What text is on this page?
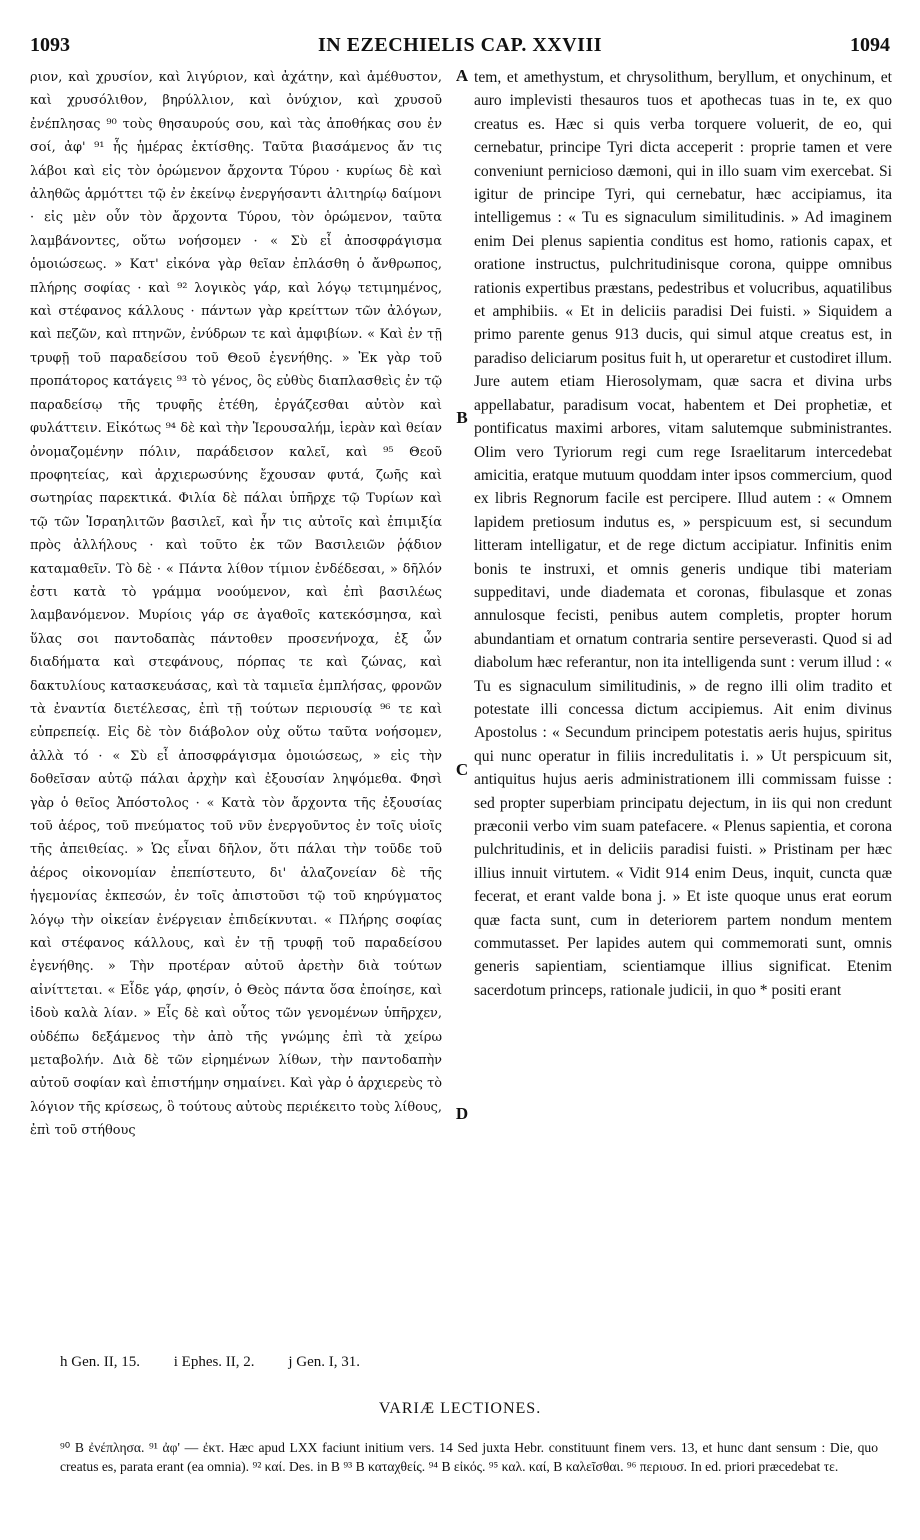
1093	IN EZECHIELIS CAP. XXVIII	1094

ριον, καὶ χρυσίον, καὶ λιγύριον, καὶ ἀχάτην, καὶ ἀμέθυστον, καὶ χρυσόλιθον, βηρύλλιον, καὶ ὀνύχιον, καὶ χρυσοῦ ἐνέπλησας ⁹⁰ τοὺς θησαυρούς σου, καὶ τὰς ἀποθήκας σου ἐν σοί, ἀφ' ⁹¹ ἧς ἡμέρας ἐκτίσθης. Ταῦτα βιασάμενος ἄν τις λάβοι καὶ εἰς τὸν ὁρώμενον ἄρχοντα Τύρου · κυρίως δὲ καὶ ἀληθῶς ἁρμόττει τῷ ἐν ἐκείνῳ ἐνεργήσαντι ἀλιτηρίῳ δαίμονι · εἰς μὲν οὖν τὸν ἄρχοντα Τύρου, τὸν ὁρώμενον, ταῦτα λαμβάνοντες, οὕτω νοήσομεν · « Σὺ εἶ ἀποσφράγισμα ὁμοιώσεως. » Κατ' εἰκόνα γὰρ θεῖαν ἐπλάσθη ὁ ἄνθρωπος, πλήρης σοφίας · καὶ ⁹² λογικὸς γάρ, καὶ λόγῳ τετιμημένος, καὶ στέφανος κάλλους · πάντων γὰρ κρείττων τῶν ἀλόγων, καὶ πεζῶν, καὶ πτηνῶν, ἐνύδρων τε καὶ ἀμφιβίων. « Καὶ ἐν τῇ τρυφῇ τοῦ παραδείσου τοῦ Θεοῦ ἐγενήθης. » Ἐκ γὰρ τοῦ προπάτορος κατάγεις ⁹³ τὸ γένος, ὃς εὐθὺς διαπλασθεὶς ἐν τῷ παραδείσῳ τῆς τρυφῆς ἐτέθη, ἐργάζεσθαι αὐτὸν καὶ φυλάττειν. Εἰκότως ⁹⁴ δὲ καὶ τὴν Ἱερουσαλήμ, ἱερὰν καὶ θείαν ὀνομαζομένην πόλιν, παράδεισον καλεῖ, καὶ ⁹⁵ Θεοῦ προφητείας, καὶ ἀρχιερωσύνης ἔχουσαν φυτά, ζωῆς καὶ σωτηρίας παρεκτικά. Φιλία δὲ πάλαι ὑπῆρχε τῷ Τυρίων καὶ τῷ τῶν Ἰσραηλιτῶν βασιλεῖ, καὶ ἦν τις αὐτοῖς καὶ ἐπιμιξία πρὸς ἀλλήλους · καὶ τοῦτο ἐκ τῶν Βασιλειῶν ῥᾴδιον καταμαθεῖν. Τὸ δὲ · « Πάντα λίθον τίμιον ἐνδέδεσαι, » δῆλόν ἐστι κατὰ τὸ γράμμα νοούμενον, καὶ ἐπὶ βασιλέως λαμβανόμενον. Μυρίοις γάρ σε ἀγαθοῖς κατεκόσμησα, καὶ ὕλας σοι παντοδαπὰς πάντοθεν προσενήνοχα, ἐξ ὧν διαδήματα καὶ στεφάνους, πόρπας τε καὶ ζώνας, καὶ δακτυλίους κατασκευάσας, καὶ τὰ ταμιεῖα ἐμπλήσας, φρονῶν τὰ ἐναντία διετέλεσας, ἐπὶ τῇ τούτων περιουσίᾳ ⁹⁶ τε καὶ εὐπρεπείᾳ. Εἰς δὲ τὸν διάβολον οὐχ οὕτω ταῦτα νοήσομεν, ἀλλὰ τό · « Σὺ εἶ ἀποσφράγισμα ὁμοιώσεως, » εἰς τὴν δοθεῖσαν αὐτῷ πάλαι ἀρχὴν καὶ ἐξουσίαν ληψόμεθα. Φησὶ γὰρ ὁ θεῖος Ἀπόστολος · « Κατὰ τὸν ἄρχοντα τῆς ἐξουσίας τοῦ ἀέρος, τοῦ πνεύματος τοῦ νῦν ἐνεργοῦντος ἐν τοῖς υἱοῖς τῆς ἀπειθείας. » Ὡς εἶναι δῆλον, ὅτι πάλαι τὴν τοῦδε τοῦ ἀέρος οἰκονομίαν ἐπεπίστευτο, δι' ἀλαζονείαν δὲ τῆς ἡγεμονίας ἐκπεσών, ἐν τοῖς ἀπιστοῦσι τῷ τοῦ κηρύγματος λόγῳ τὴν οἰκείαν ἐνέργειαν ἐπιδείκνυται. « Πλήρης σοφίας καὶ στέφανος κάλλους, καὶ ἐν τῇ τρυφῇ τοῦ παραδείσου ἐγενήθης. » Τὴν προτέραν αὐτοῦ ἀρετὴν διὰ τούτων αἰνίττεται. « Εἶδε γάρ, φησίν, ὁ Θεὸς πάντα ὅσα ἐποίησε, καὶ ἰδοὺ καλὰ λίαν. » Εἷς δὲ καὶ οὗτος τῶν γενομένων ὑπῆρχεν, οὐδέπω δεξάμενος τὴν ἀπὸ τῆς γνώμης ἐπὶ τὰ χείρω μεταβολήν. Διὰ δὲ τῶν εἰρημένων λίθων, τὴν παντοδαπὴν αὐτοῦ σοφίαν καὶ ἐπιστήμην σημαίνει. Καὶ γὰρ ὁ ἀρχιερεὺς τὸ λόγιον τῆς κρίσεως, ὃ τούτους αὐτοὺς περιέκειτο τοὺς λίθους, ἐπὶ τοῦ στήθους

A
B
C
D

tem, et amethystum, et chrysolithum, beryllum, et onychinum, et auro implevisti thesauros tuos et apothecas tuas in te, ex quo creatus es. Hæc si quis verba torquere voluerit, de eo, qui cernebatur, principe Tyri dicta acceperit : proprie tamen et vere conveniunt pernicioso dæmoni, qui in illo suam vim exercebat. Si igitur de principe Tyri, qui cernebatur, hæc accipiamus, ita intelligemus : « Tu es signaculum similitudinis. » Ad imaginem enim Dei plenus sapientia conditus est homo, rationis capax, et oratione instructus, pulchritudinisque corona, quippe omnibus rationis expertibus præstans, pedestribus et volucribus, aquatilibus et amphibiis. « Et in deliciis paradisi Dei fuisti. » Siquidem a primo parente genus 913 ducis, qui simul atque creatus est, in paradiso deliciarum positus fuit h, ut operaretur et custodiret illum. Jure autem etiam Hierosolymam, quæ sacra et divina urbs appellabatur, paradisum vocat, habentem et Dei prophetiæ, et pontificatus maximi arbores, vitam salutemque subministrantes. Olim vero Tyriorum regi cum rege Israelitarum intercedebat amicitia, eratque mutuum quoddam inter ipsos commercium, quod ex libris Regnorum facile est percipere. Illud autem : « Omnem lapidem pretiosum indutus es, » perspicuum est, si secundum litteram intelligatur, et de rege dictum accipiatur. Infinitis enim bonis te instruxi, et omnis generis undique tibi materiam suppeditavi, unde diademata et coronas, fibulasque et zonas annulosque fecisti, penibus autem completis, propter horum abundantiam et ornatum contraria sentire perseverasti. Quod si ad diabolum hæc referantur, non ita intelligenda sunt : verum illud : « Tu es signaculum similitudinis, » de regno illi olim tradito et potestate illi concessa dictum accipiemus. Ait enim divinus Apostolus : « Secundum principem potestatis aeris hujus, spiritus qui nunc operatur in filiis incredulitatis i. » Ut perspicuum sit, antiquitus hujus aeris administrationem illi commissam fuisse : sed propter superbiam principatu dejectum, in iis qui non credunt præconii verbo vim suam patefacere. « Plenus sapientia, et corona pulchritudinis, et in deliciis paradisi fuisti. » Pristinam per hæc illius innuit virtutem. « Vidit 914 enim Deus, inquit, cuncta quæ fecerat, et erant valde bona j. » Et iste quoque unus erat eorum quæ facta sunt, cum in deteriorem partem nondum mentem commutasset. Per lapides autem qui commemorati sunt, omnis generis sapientiam, scientiamque illius significat. Etenim sacerdotum princeps, rationale judicii, in quo * positi erant

h Gen. II, 15. i Ephes. II, 2. j Gen. I, 31.
VARIÆ LECTIONES.

⁹⁰ B ἐνέπλησα. ⁹¹ ἀφ' — ἐκτ. Hæc apud LXX faciunt initium vers. 14 Sed juxta Hebr. constituunt finem vers. 13, et hunc dant sensum : Die, quo creatus es, parata erant (ea omnia). ⁹² καί. Des. in B ⁹³ B καταχθείς. ⁹⁴ B εἰκός. ⁹⁵ καλ. καί, B καλεῖσθαι. ⁹⁶ περιουσ. In ed. priori præcedebat τε.
